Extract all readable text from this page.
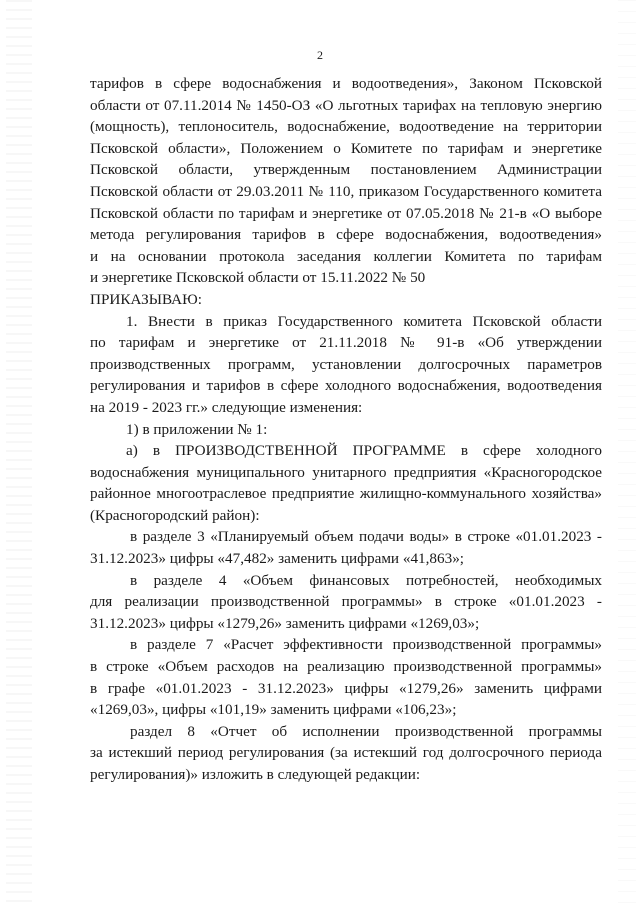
2
тарифов в сфере водоснабжения и водоотведения», Законом Псковской
области от 07.11.2014 № 1450-ОЗ «О льготных тарифах на тепловую энергию
(мощность), теплоноситель, водоснабжение, водоотведение на территории
Псковской области», Положением о Комитете по тарифам и энергетике
Псковской области, утвержденным постановлением Администрации
Псковской области от 29.03.2011 № 110, приказом Государственного комитета
Псковской области по тарифам и энергетике от 07.05.2018 № 21-в «О выборе
метода регулирования тарифов в сфере водоснабжения, водоотведения»
и на основании протокола заседания коллегии Комитета по тарифам
и энергетике Псковской области от 15.11.2022 № 50
ПРИКАЗЫВАЮ:
1. Внести в приказ Государственного комитета Псковской области
по тарифам и энергетике от 21.11.2018 № 91-в «Об утверждении
производственных программ, установлении долгосрочных параметров
регулирования и тарифов в сфере холодного водоснабжения, водоотведения
на 2019 - 2023 гг.» следующие изменения:
1) в приложении № 1:
а) в ПРОИЗВОДСТВЕННОЙ ПРОГРАММЕ в сфере холодного
водоснабжения муниципального унитарного предприятия «Красногородское
районное многоотраслевое предприятие жилищно-коммунального хозяйства»
(Красногородский район):
в разделе 3 «Планируемый объем подачи воды» в строке «01.01.2023 -
31.12.2023» цифры «47,482» заменить цифрами «41,863»;
в разделе 4 «Объем финансовых потребностей, необходимых
для реализации производственной программы» в строке «01.01.2023 -
31.12.2023» цифры «1279,26» заменить цифрами «1269,03»;
в разделе 7 «Расчет эффективности производственной программы»
в строке «Объем расходов на реализацию производственной программы»
в графе «01.01.2023 - 31.12.2023» цифры «1279,26» заменить цифрами
«1269,03», цифры «101,19» заменить цифрами «106,23»;
раздел 8 «Отчет об исполнении производственной программы
за истекший период регулирования (за истекший год долгосрочного периода
регулирования)» изложить в следующей редакции:
